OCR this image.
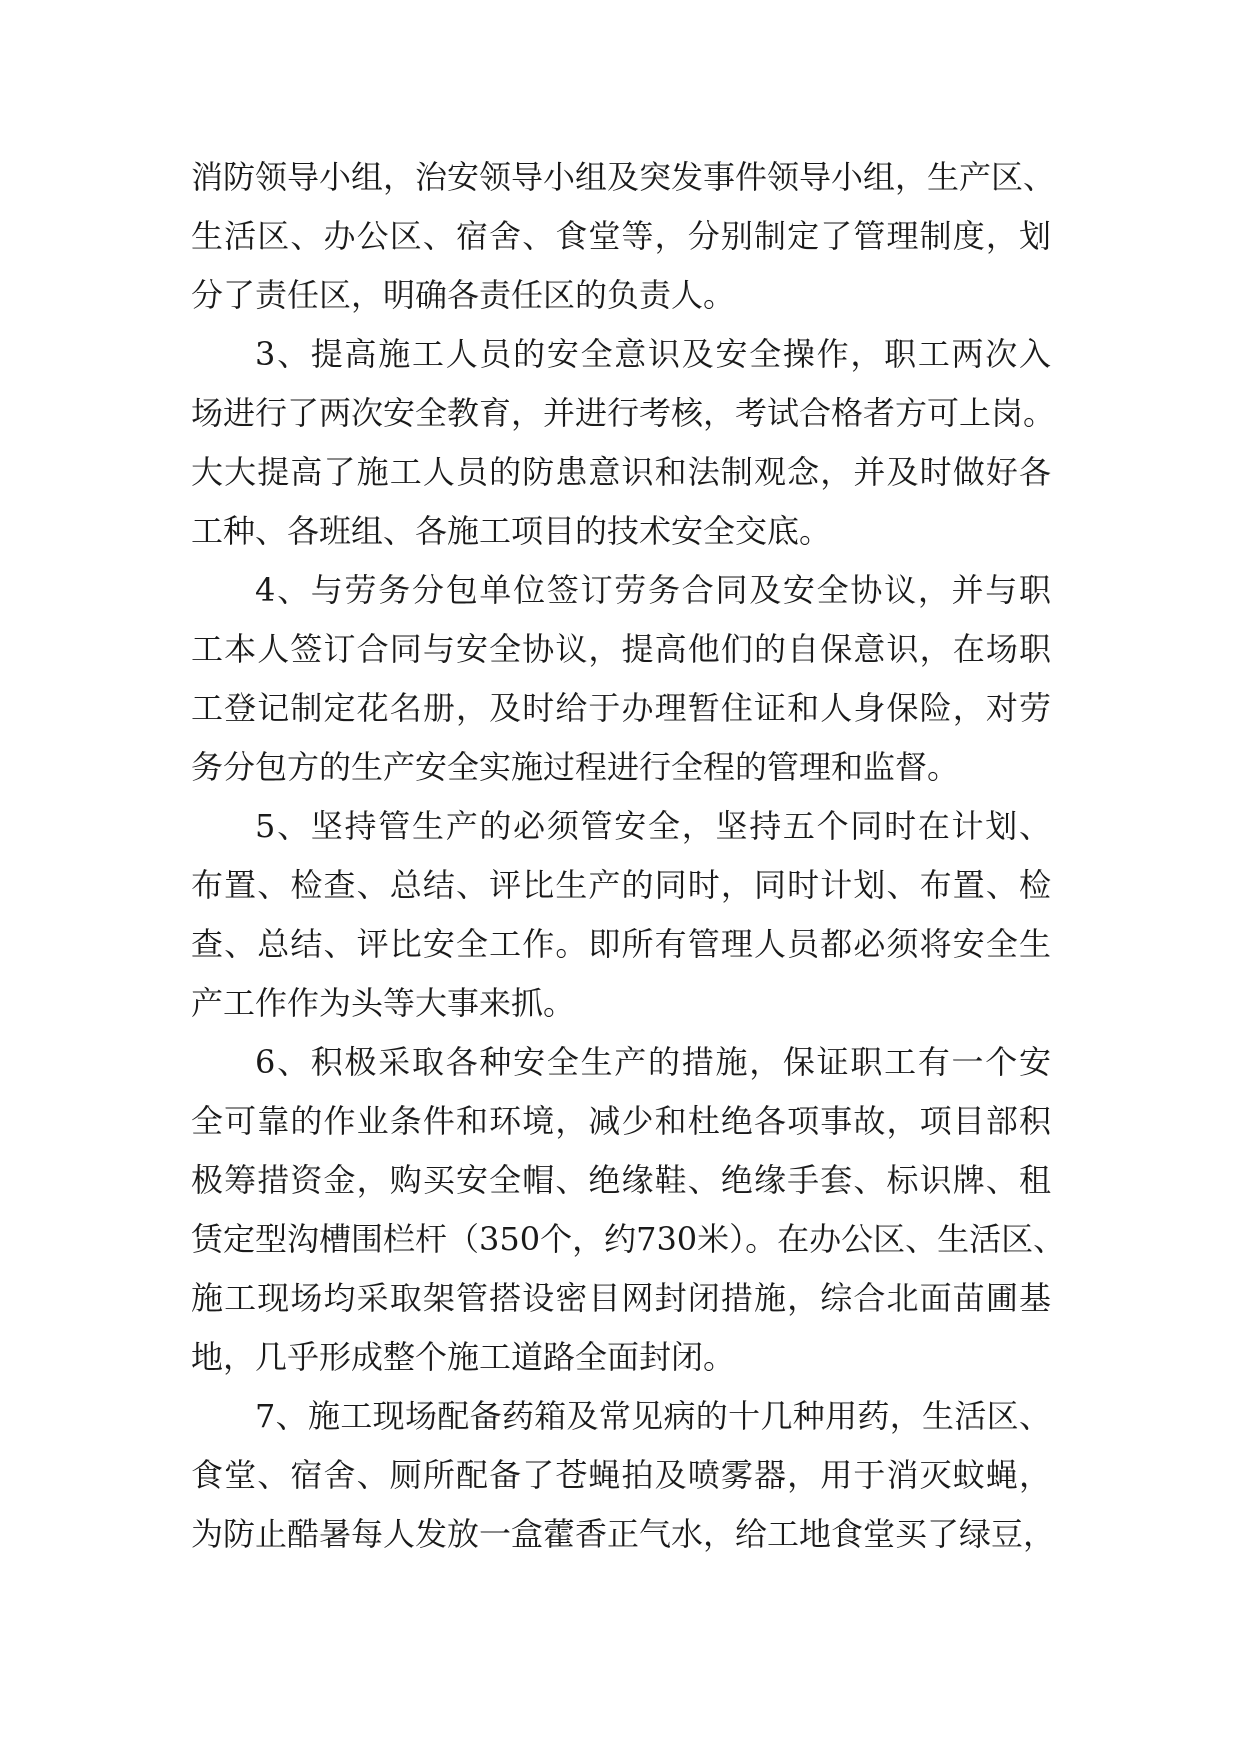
消防领导小组，治安领导小组及突发事件领导小组，生产区、
生活区、办公区、宿舍、食堂等，分别制定了管理制度，划
分了责任区，明确各责任区的负责人。
3、提高施工人员的安全意识及安全操作，职工两次入
场进行了两次安全教育，并进行考核，考试合格者方可上岗。
大大提高了施工人员的防患意识和法制观念，并及时做好各
工种、各班组、各施工项目的技术安全交底。
4、与劳务分包单位签订劳务合同及安全协议，并与职
工本人签订合同与安全协议，提高他们的自保意识，在场职
工登记制定花名册，及时给于办理暂住证和人身保险，对劳
务分包方的生产安全实施过程进行全程的管理和监督。
5、坚持管生产的必须管安全，坚持五个同时在计划、
布置、检查、总结、评比生产的同时，同时计划、布置、检
查、总结、评比安全工作。即所有管理人员都必须将安全生
产工作作为头等大事来抓。
6、积极采取各种安全生产的措施，保证职工有一个安
全可靠的作业条件和环境，减少和杜绝各项事故，项目部积
极筹措资金，购买安全帽、绝缘鞋、绝缘手套、标识牌、租
赁定型沟槽围栏杆（350个，约730米）。在办公区、生活区、
施工现场均采取架管搭设密目网封闭措施，综合北面苗圃基
地，几乎形成整个施工道路全面封闭。
7、施工现场配备药箱及常见病的十几种用药，生活区、
食堂、宿舍、厕所配备了苍蝇拍及喷雾器，用于消灭蚊蝇，
为防止酷暑每人发放一盒藿香正气水，给工地食堂买了绿豆，
